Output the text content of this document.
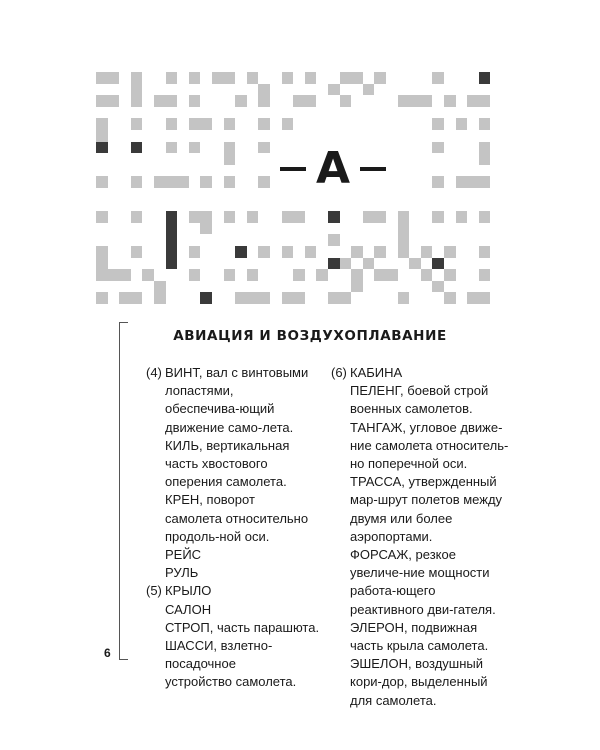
А
6
АВИАЦИЯ И ВОЗДУХОПЛАВАНИЕ
(4) ВИНТ, вал с винтовыми лопастями, обеспечива-ющий движение само-лета.

КИЛЬ, вертикальная часть хвостового оперения самолета.

КРЕН, поворот самолета относительно продоль-ной оси.

РЕЙС

РУЛЬ

(5) КРЫЛО

САЛОН

СТРОП, часть парашюта.

ШАССИ, взлетно-посадочное устройство самолета.

(6) КАБИНА

ПЕЛЕНГ, боевой строй военных самолетов.

ТАНГАЖ, угловое движе-ние самолета относитель-но поперечной оси.

ТРАССА, утвержденный мар-шрут полетов между двумя или более аэропортами.

ФОРСАЖ, резкое увеличе-ние мощности работа-ющего реактивного дви-гателя.

ЭЛЕРОН, подвижная часть крыла самолета.

ЭШЕЛОН, воздушный кори-дор, выделенный для самолета.
